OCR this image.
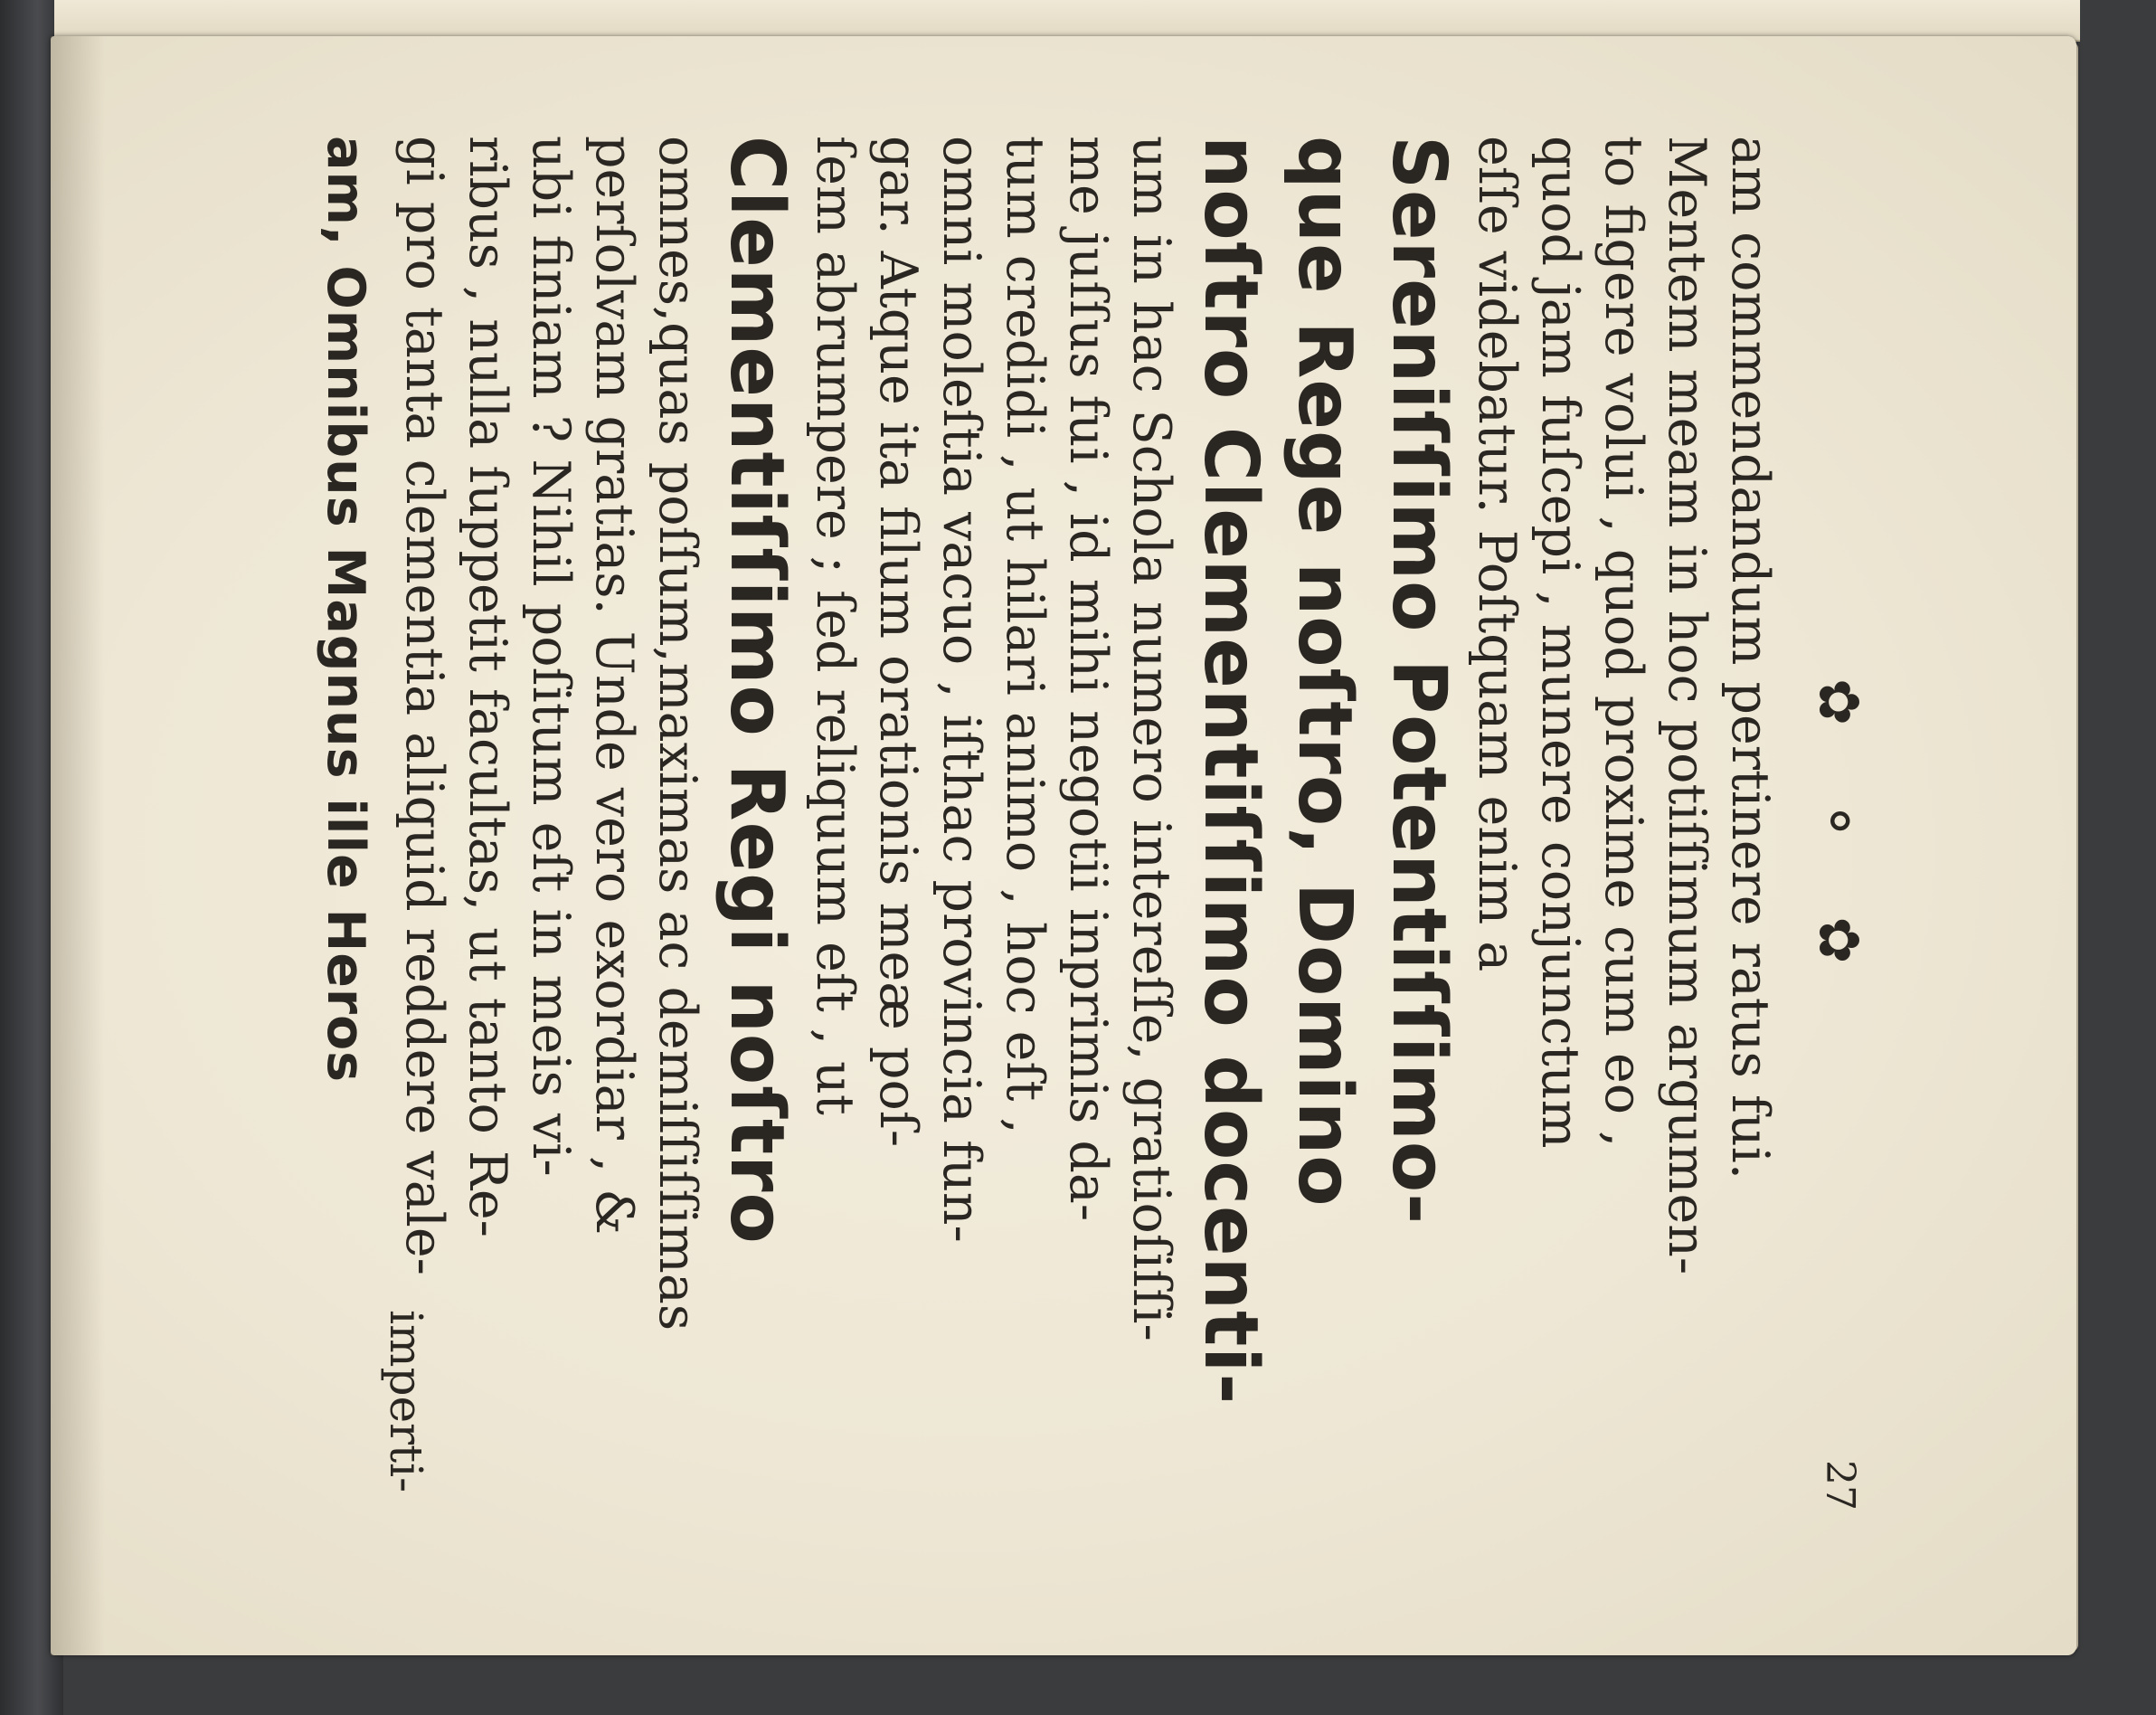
✿ ⚬ ✿
27
am commendandum pertinere ratus fui.
Mentem meam in hoc potiſſimum argumen-
to figere volui , quod proxime cum eo ,
quod jam fuſcepi , munere conjunctum
eſſe videbatur. Poſtquam enim a
Sereniſſimo Potentiſſimo-
que Rege noſtro, Domino
noſtro Clementiſſimo docenti-
um in hac Schola numero intereſſe, gratioſiſſi-
me juſſus fui , id mihi negotii inprimis da-
tum credidi , ut hilari animo , hoc eſt ,
omni moleſtia vacuo , iſthac provincia fun-
gar. Atque ita filum orationis meæ poſ-
ſem abrumpere ; ſed reliquum eſt , ut
Clementiſſimo Regi noſtro
omnes,quas poſſum,maximas ac demiſſiſſimas
perſolvam gratias. Unde vero exordiar , &
ubi finiam ? Nihil poſitum eſt in meis vi-
ribus , nulla ſuppetit facultas, ut tanto Re-
gi pro tanta clementia aliquid reddere vale-
am, Omnibus Magnus ille Heros
imperti-
